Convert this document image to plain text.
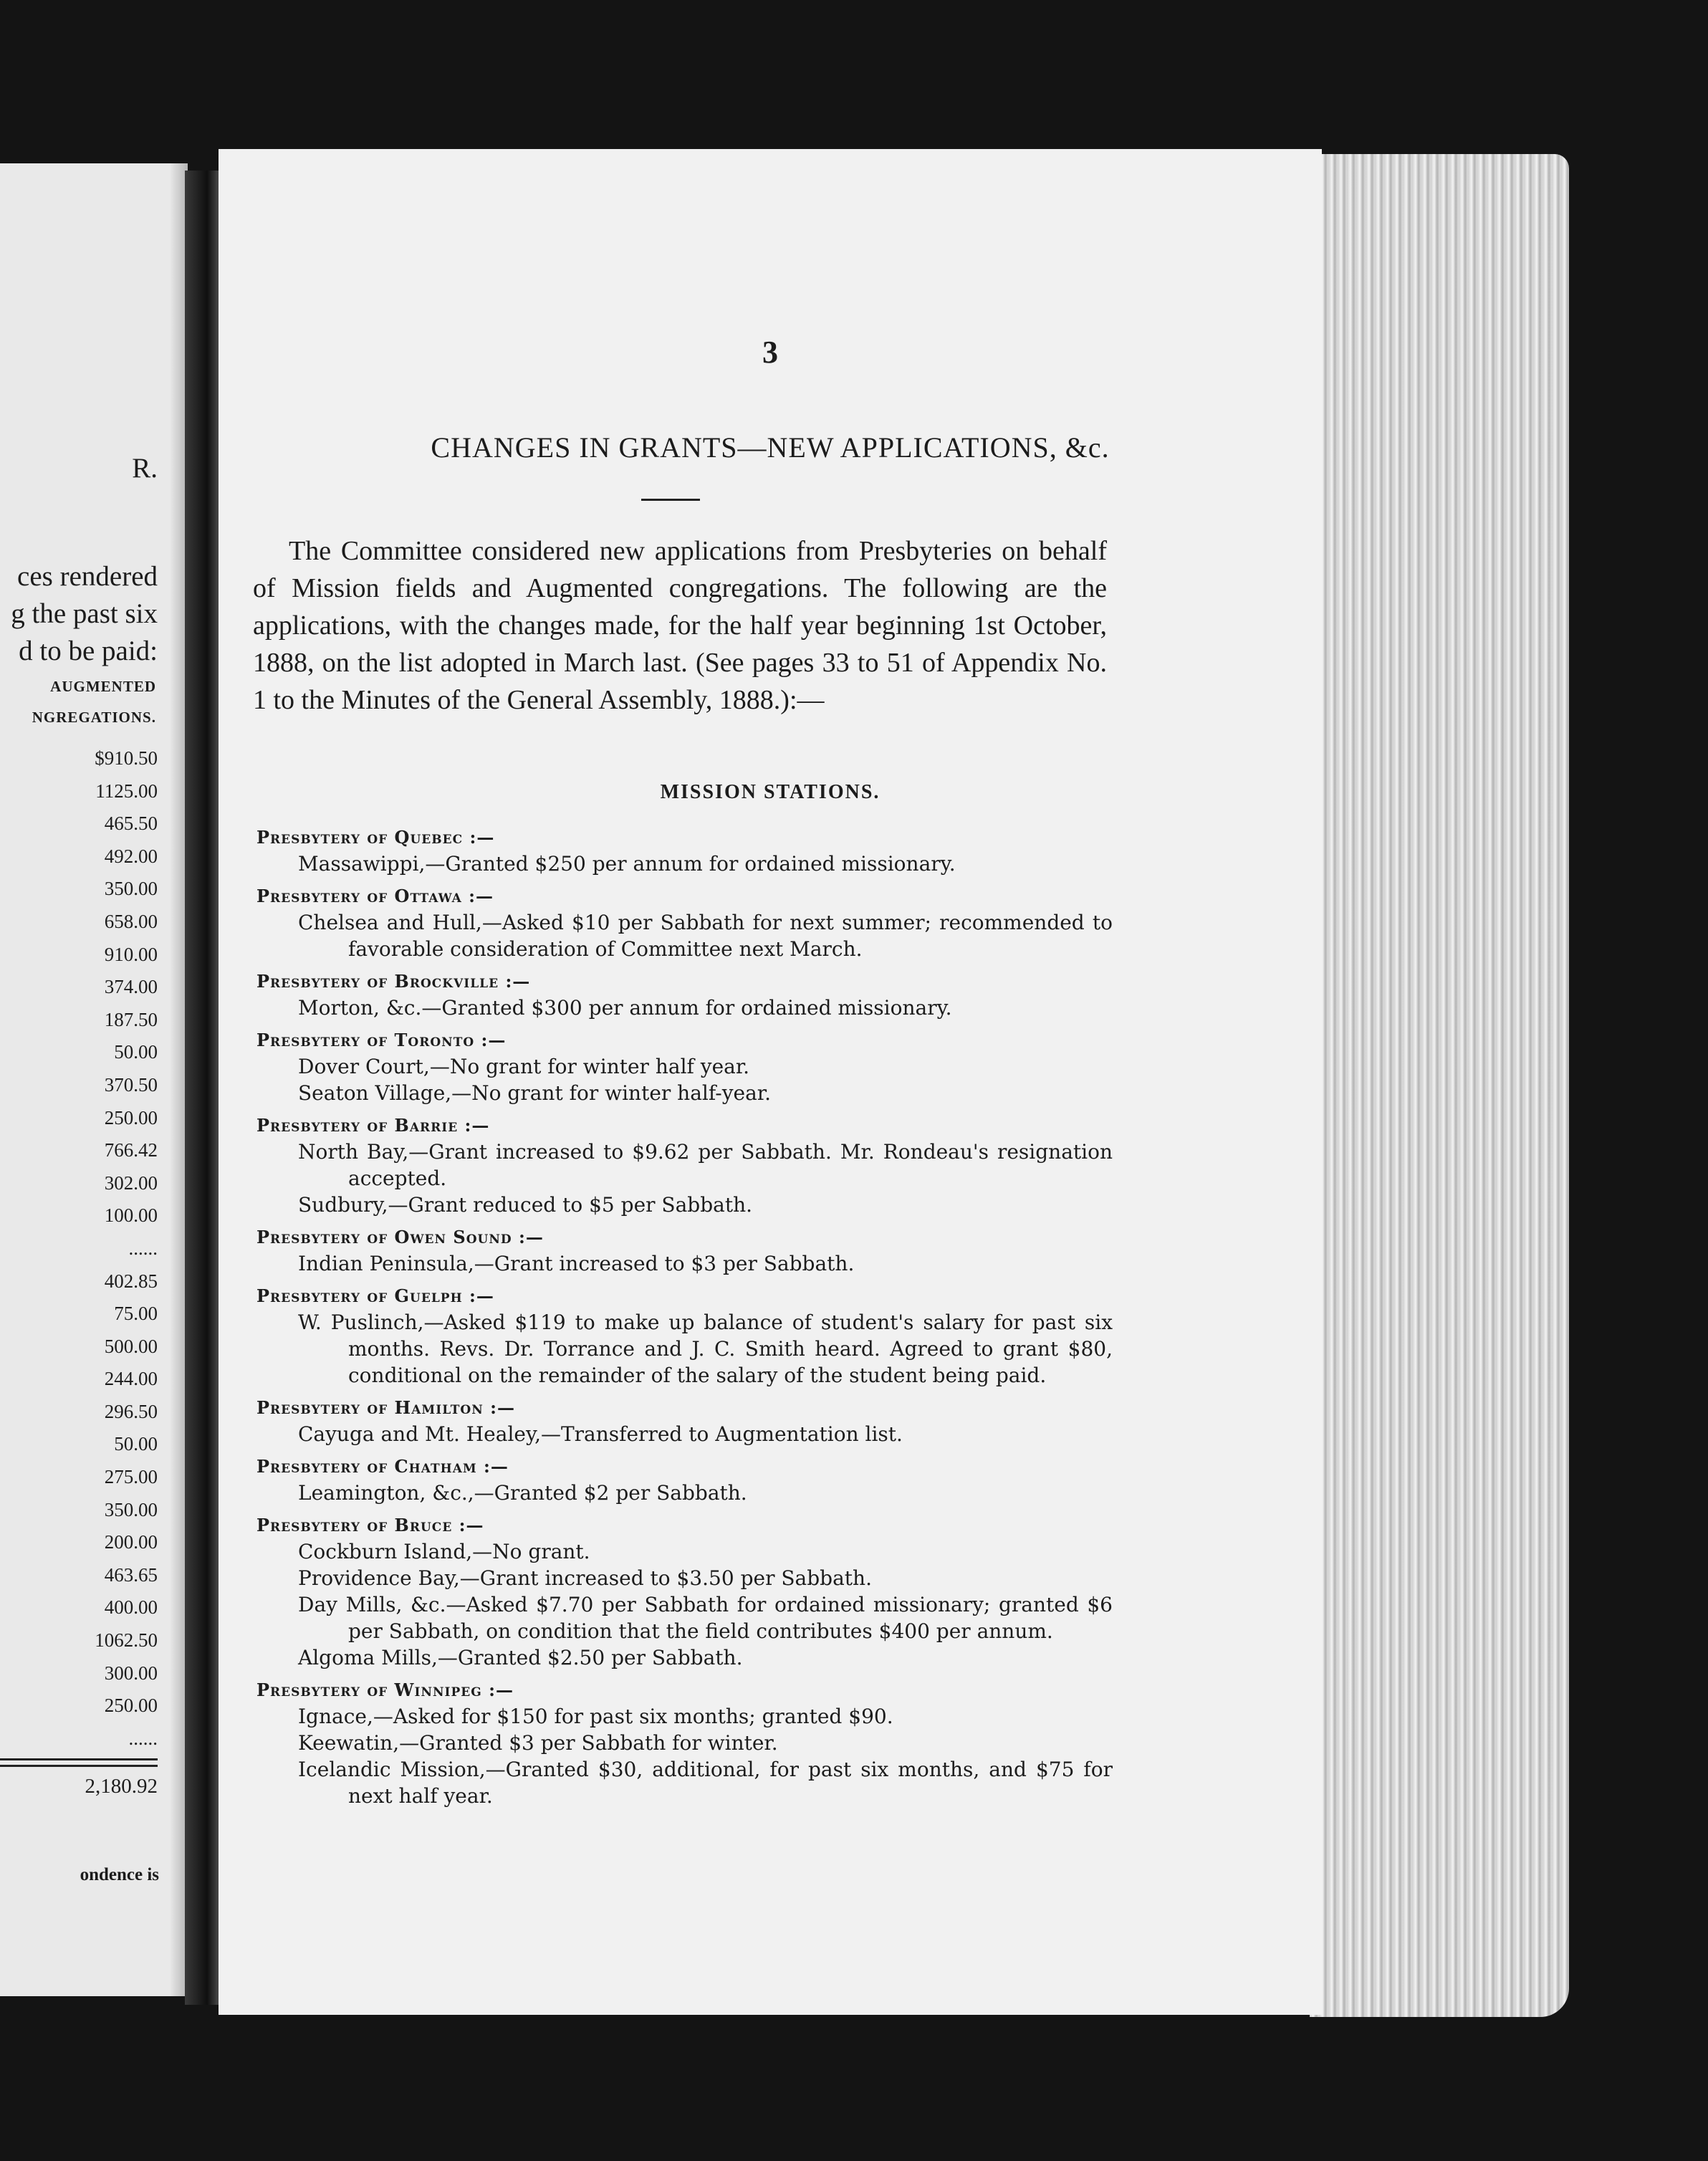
R.
ces rendered
g the past six
d to be paid:
AUGMENTED
NGREGATIONS.
$910.50
1125.00
465.50
492.00
350.00
658.00
910.00
374.00
187.50
50.00
370.50
250.00
766.42
302.00
100.00
......
402.85
75.00
500.00
244.00
296.50
50.00
275.00
350.00
200.00
463.65
400.00
1062.50
300.00
250.00
......
2,180.92
ondence is

3

CHANGES IN GRANTS—NEW APPLICATIONS, &c.

The Committee considered new applications from Presbyteries on behalf of Mission fields and Augmented congregations. The following are the applications, with the changes made, for the half year beginning 1st October, 1888, on the list adopted in March last. (See pages 33 to 51 of Appendix No. 1 to the Minutes of the General Assembly, 1888.):—

MISSION STATIONS.
Presbytery of Quebec :—

Massawippi,—Granted $250 per annum for ordained missionary.

Presbytery of Ottawa :—

Chelsea and Hull,—Asked $10 per Sabbath for next summer; recommended to favorable consideration of Committee next March.

Presbytery of Brockville :—

Morton, &c.—Granted $300 per annum for ordained missionary.

Presbytery of Toronto :—

Dover Court,—No grant for winter half year.

Seaton Village,—No grant for winter half-year.

Presbytery of Barrie :—

North Bay,—Grant increased to $9.62 per Sabbath. Mr. Rondeau's resignation accepted.

Sudbury,—Grant reduced to $5 per Sabbath.

Presbytery of Owen Sound :—

Indian Peninsula,—Grant increased to $3 per Sabbath.

Presbytery of Guelph :—

W. Puslinch,—Asked $119 to make up balance of student's salary for past six months. Revs. Dr. Torrance and J. C. Smith heard. Agreed to grant $80, conditional on the remainder of the salary of the student being paid.

Presbytery of Hamilton :—

Cayuga and Mt. Healey,—Transferred to Augmentation list.

Presbytery of Chatham :—

Leamington, &c.,—Granted $2 per Sabbath.

Presbytery of Bruce :—

Cockburn Island,—No grant.

Providence Bay,—Grant increased to $3.50 per Sabbath.

Day Mills, &c.—Asked $7.70 per Sabbath for ordained missionary; granted $6 per Sabbath, on condition that the field contributes $400 per annum.

Algoma Mills,—Granted $2.50 per Sabbath.

Presbytery of Winnipeg :—

Ignace,—Asked for $150 for past six months; granted $90.

Keewatin,—Granted $3 per Sabbath for winter.

Icelandic Mission,—Granted $30, additional, for past six months, and $75 for next half year.
